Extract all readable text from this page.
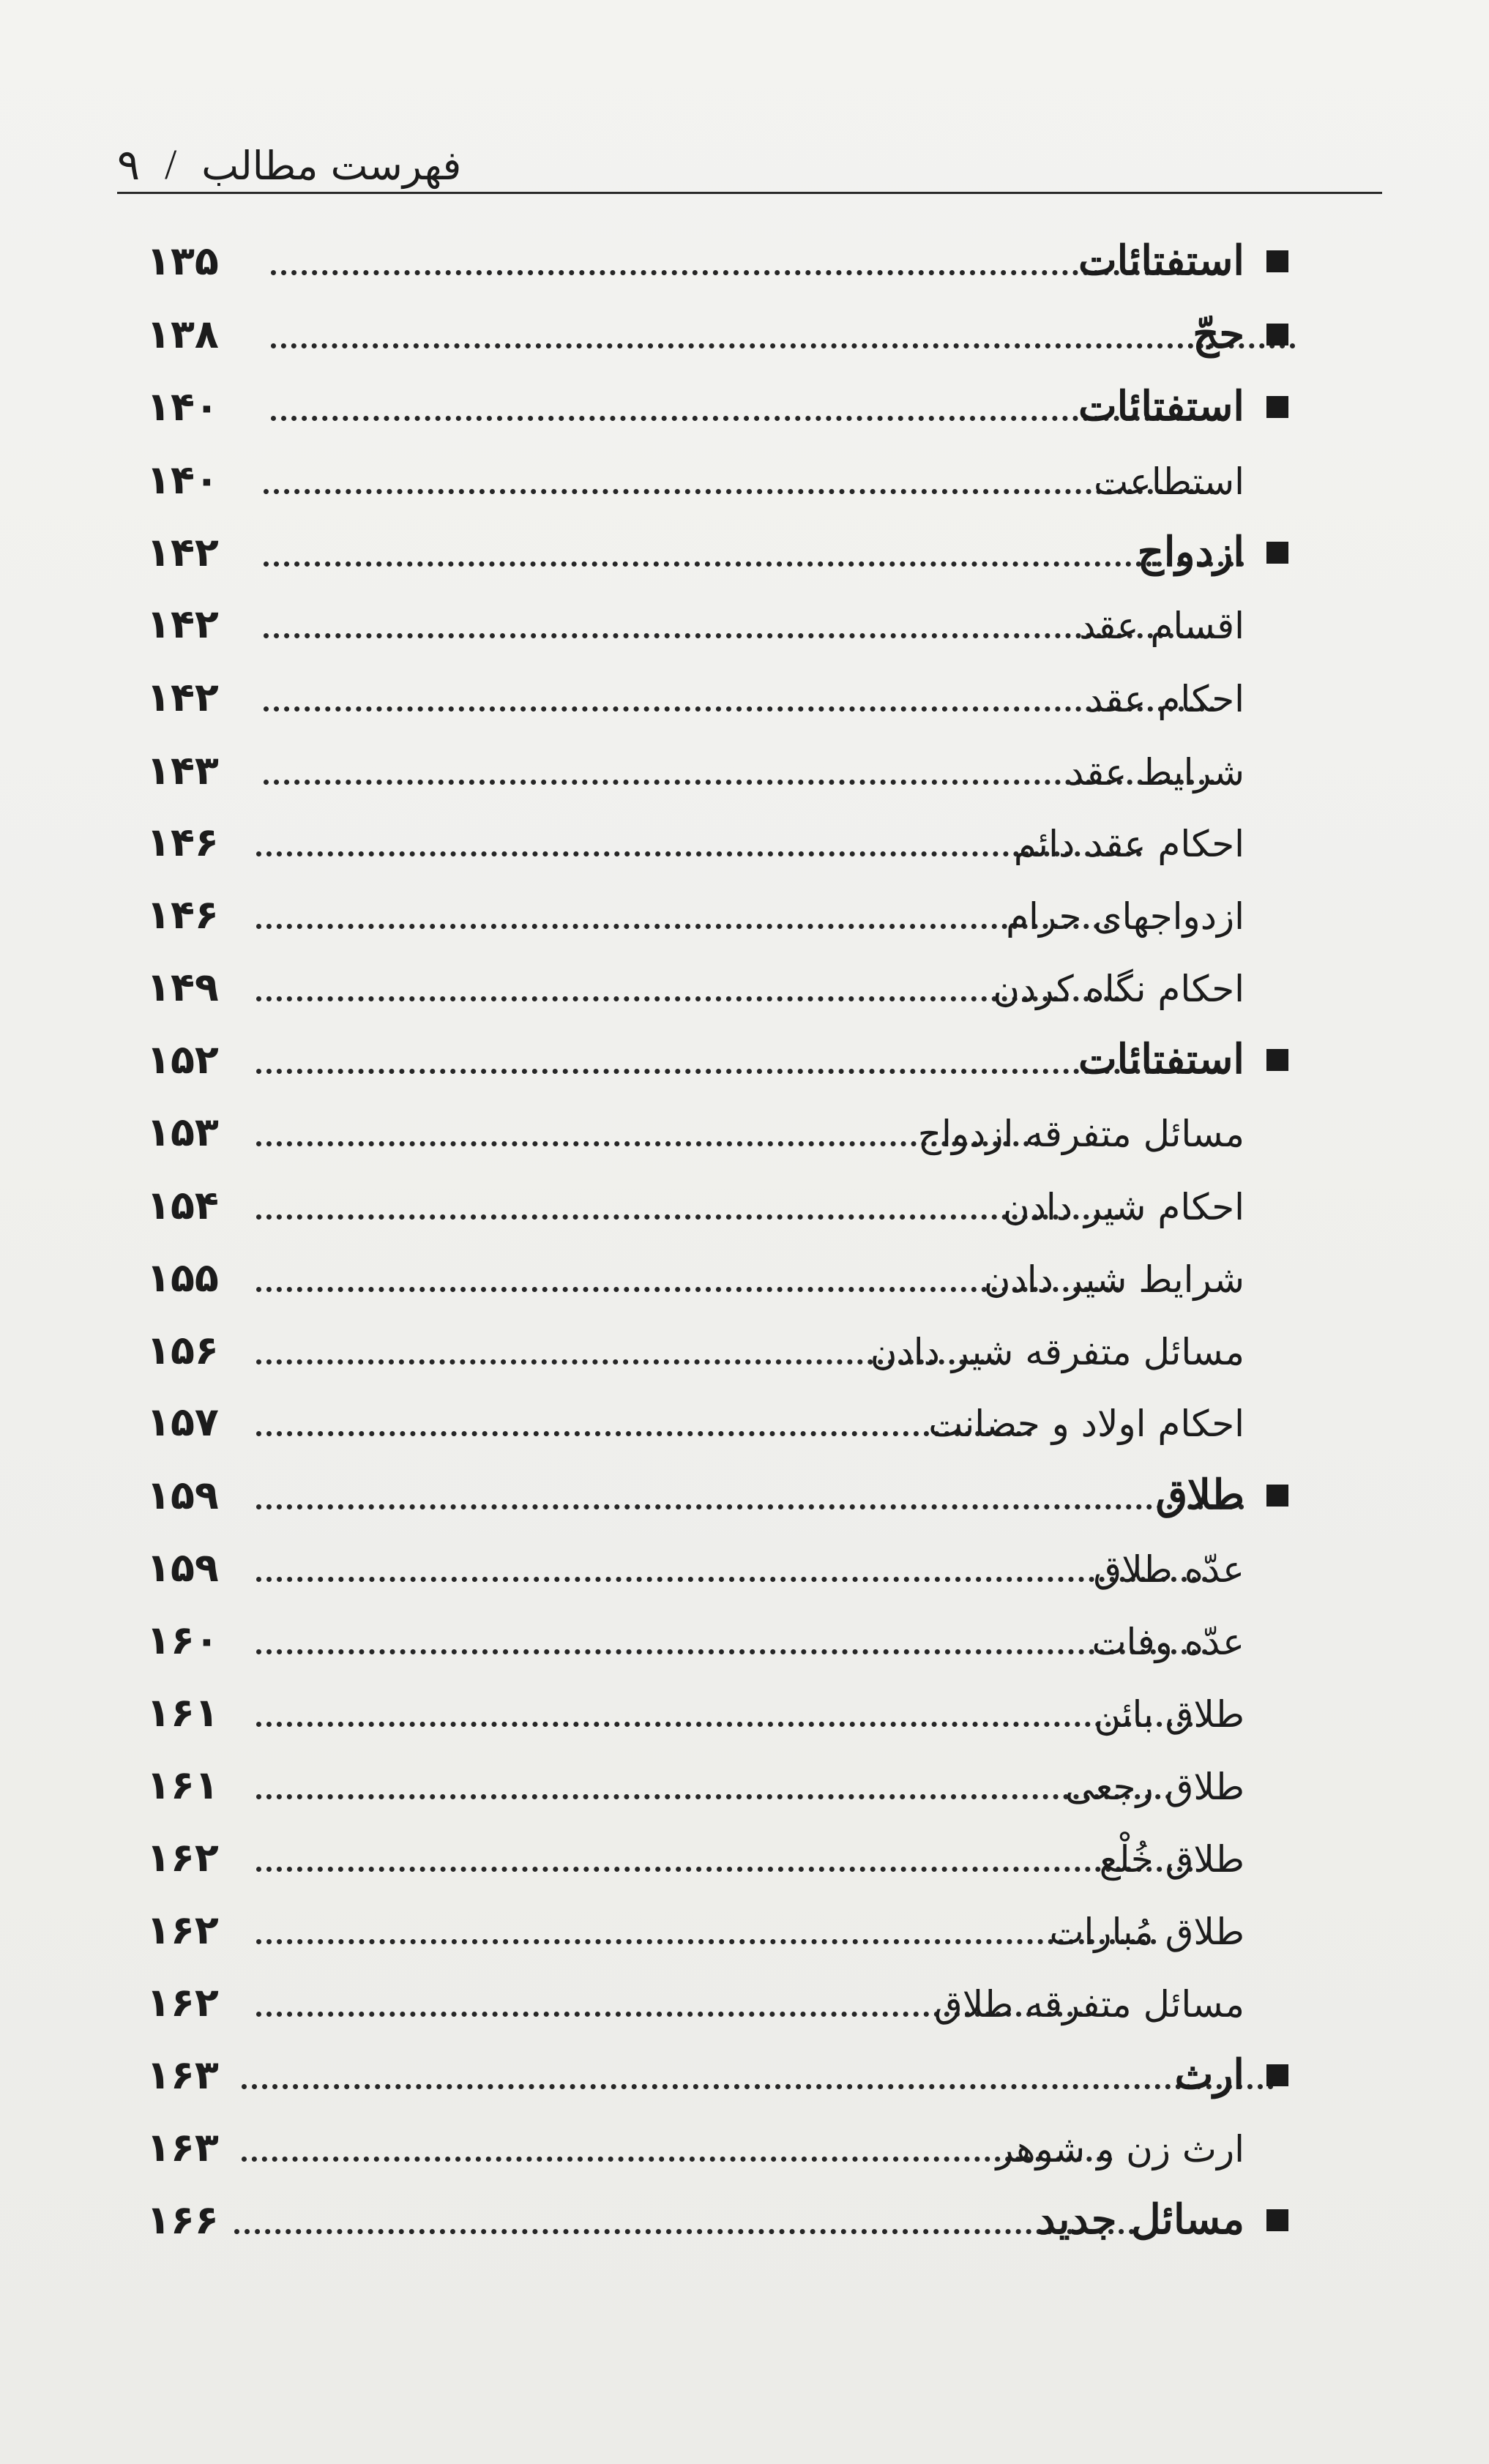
۹ / فهرست مطالب
۱۳۵	استفتائات
۱۳۸	حجّ
۱۴۰	استفتائات
۱۴۰	استطاعت
۱۴۲	ازدواج
۱۴۲	اقسام عقد
۱۴۲	احکام عقد
۱۴۳	شرایط عقد
۱۴۶	احکام عقد دائم
۱۴۶	ازدواجهای حرام
۱۴۹	احکام نگاه کردن
۱۵۲	استفتائات
۱۵۳	مسائل متفرقه ازدواج
۱۵۴	احکام شیر دادن
۱۵۵	شرایط شیر دادن
۱۵۶	مسائل متفرقه شیر دادن
۱۵۷	احکام اولاد و حضانت
۱۵۹	طلاق
۱۵۹	عدّه طلاق
۱۶۰	عدّه وفات
۱۶۱	طلاق بائن
۱۶۱	طلاق رجعی
۱۶۲	طلاق خُلْع
۱۶۲	طلاق مُبارات
۱۶۲	مسائل متفرقه طلاق
۱۶۳	ارث
۱۶۳	ارث زن و شوهر
۱۶۶	مسائل جدید
